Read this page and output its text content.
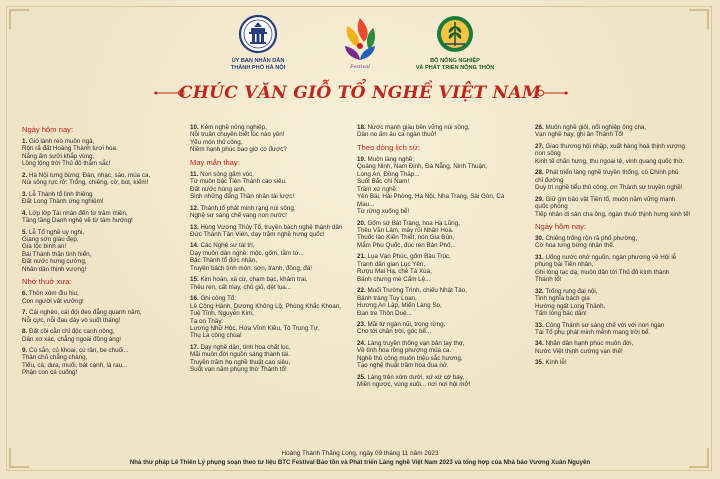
ỦY BAN NHÂN DÂN
THÀNH PHỐ HÀ NỘI	Festival
BỘ NÔNG NGHIỆP
VÀ PHÁT TRIỂN NÔNG THÔN
CHÚC VĂN GIỖ TỔ NGHỀ VIỆT NAM
Ngày hôm nay:
1. Gió lành reo muôn ngả,
Rộn rã đất Hoàng Thành tươi hoa.
Nắng ấm sưởi khắp vùng,
Lồng lộng trời Thủ đô thắm sắc!
2. Hà Nội tưng bừng: Đàn, nhạc, sáo, múa ca,
Núi sông rực rỡ: Trống, chiêng, cờ, bút, kiếm!
3. Lễ Thành tổ linh thiêng
Đất Long Thành ứng nghiệm!
4. Lớp lớp Tài nhân đến từ trăm miền,
Tầng tầng Danh nghệ về từ tám hướng!
5. Lễ Tổ nghề uy nghi,
Giang sơn giàu đẹp,
Gia tộc bình an!
Bái Thành thần tinh hiển,
Đất nước hưng cường,
Nhân dân thịnh vượng!
Nhớ thuở xưa:
6. Thôn xóm đìu hiu,
Con người vất vưởng!
7. Cái nghèo, cái đói đeo đẳng quanh năm,
Nỗi cực, nỗi đau dày vò suốt tháng!
8. Đất cồi cằn chỉ độc canh nông,
Dân xơ xác, chẳng ngoài đồng áng!
9. Cù sắn, củ khoai, cù rân, be chuối...
Thân chủ chẳng chàng,
Tiểu, cà, dưa, muối, bát cạnh, lá rau...
Phận con cá cuống!
10. Kém nghề nông nghiệp,
Nỗi truân chuyên biết lúc nào yên!
Yếu món thủ công,
Niềm hạnh phúc bao giờ có được?
May mắn thay:
11. Non sông gấm vóc,
Từ muôn bậc Tiên Thánh cao siêu.
Đất nước hùng anh,
Sinh những đấng Thần nhân tài lược!
12. Thánh tổ phát minh rạng núi sông,
Nghệ sư sáng chế vang non nước!
13. Hùng Vương Thủy Tổ, truyền bách nghệ thành dân
Đức Thánh Tản Viên, dạy trăm nghề hưng quốc!
14. Các Nghệ sư tài trí,
Dạy muôn dân nghề: mộc, gốm, tằm tơ...
Bậc Thánh tổ đức nhân,
Truyền bách tính món: sơn, tranh, đồng, đá!
15. Kim hoàn, xà cừ, chạm bạc, khảm trai,
Thêu ren, cất may, chủ giỏ, dệt lụa...
16. Ghi công Tổ:
Lê Công Hành, Dương Không Lộ, Phùng Khắc Khoan,
Tuệ Tĩnh, Nguyễn Kim,
Tạ on Thầy:
Lương Nhữ Hộc, Hứa Vĩnh Kiều, Tô Trung Tự,
Thụ La công chúa!
17. Dạy nghề dân, tình hoa chất lọc,
Mãi muôn đời nguồn sáng thành tài.
Truyền trăm họ nghề thuật cao siêu,
Suốt vạn năm phụng thờ Thánh tổ!
18. Nước mạnh giàu bền vững núi sông,
Dân no ấm âu ca ngàn thuở!
Theo dòng lịch sử:
19. Muôn làng nghề:
Quảng Ninh, Nam Định, Đà Nẵng, Ninh Thuận,
Long An, Đồng Tháp...
Suốt Bắc chí Nam!
Trăm xứ nghề:
Yên Bái, Hải Phòng, Hà Nội, Nha Trang, Sài Gòn, Cà Mau...
Từ rừng xuống bể!
20. Gốm sứ Bát Tràng, hoa Hạ Lũng,
Thêu Văn Lâm, mây rũi Nhân Hoà.
Thuốc lào Kiến Thiết, nón Gia Bún,
Mắm Phú Quốc, đúc rèn Bản Phố...
21. Lụa Vạn Phúc, gốm Bàu Trúc,
Tranh dân gian Lục Yên,
Rượu Mai Hạ, chè Tà Xùa,
Bánh chưng mè Cẩm Lệ...
22. Muối Trường Trình, chiếu Nhật Tảo,
Bánh tráng Tuy Loan,
Hương An Lập, Miến Làng So,
Đan tre Thôn Duệ...
23. Mãi từ ngàn nũi, trong rừng,
Cho tới chân trời, góc bể...
24. Làng truyền thống vạn bản tay thợ,
Về tình hoa rồng phượng múa ca.
Nghề thủ công muôn triệu sắc hương,
Tạo nghệ thuật trăm hoa đua nở.
25. Làng trên xóm dưới, xứ xứ cờ bay,
Miền ngược, vùng xuôi... nơi nơi hội mở!
26. Muôn nghề giỏi, nổi nghiệp ông cha,
Vạn nghề hay, ghi ân Thánh Tổ!
27. Giao thương hội nhập, xuất hàng hoá thịnh vượng
non sông
Kinh tế chấn hưng, thu ngoại tệ, vinh quang quốc thờ.
28. Phát triển làng nghề truyền thống, có Chính phủ
chỉ đường
Duy trì nghề tiểu thủ công, ơn Thánh sư truyền nghề!
29. Giữ gìn bảo vật Tiền tổ, muôn năm vững mạnh
quốc phòng
Tiếp nhân di sản cha ông, ngàn thuở thịnh hưng kinh tế!
Ngày hôm nay:
30. Chiêng trống rộn rã phố phường,
Cờ hoa tưng bừng nhân thế.
31. Uống nước nhớ nguồn, ngàn phương về Hội lễ
phụng bái Tiên nhân,
Ghi lòng tạc dạ, muôn dân tới Thủ đô kính thành
Thánh tổ!
32. Trống rung đại nội,
Tinh nghĩa bách gia
Hướng ngất Long Thành,
Tấm lòng bác dân!
33. Công Thánh sư sáng chế với với non ngàn
Tài Tổ phụ phát minh mênh mang trời bể.
34. Nhân dân hạnh phúc muôn đời,
Nước Việt thịnh cường vạn thế!
35. Kính lễ!
Hoàng Thành Thăng Long, ngày 09 tháng 11 năm 2023
Nhà thư pháp Lê Thiên Lý phụng soạn theo tư liệu BTC Festival Bảo tồn và Phát triển Làng nghề Việt Nam 2023 và tổng hợp của Nhà báo Vương Xuân Nguyên
